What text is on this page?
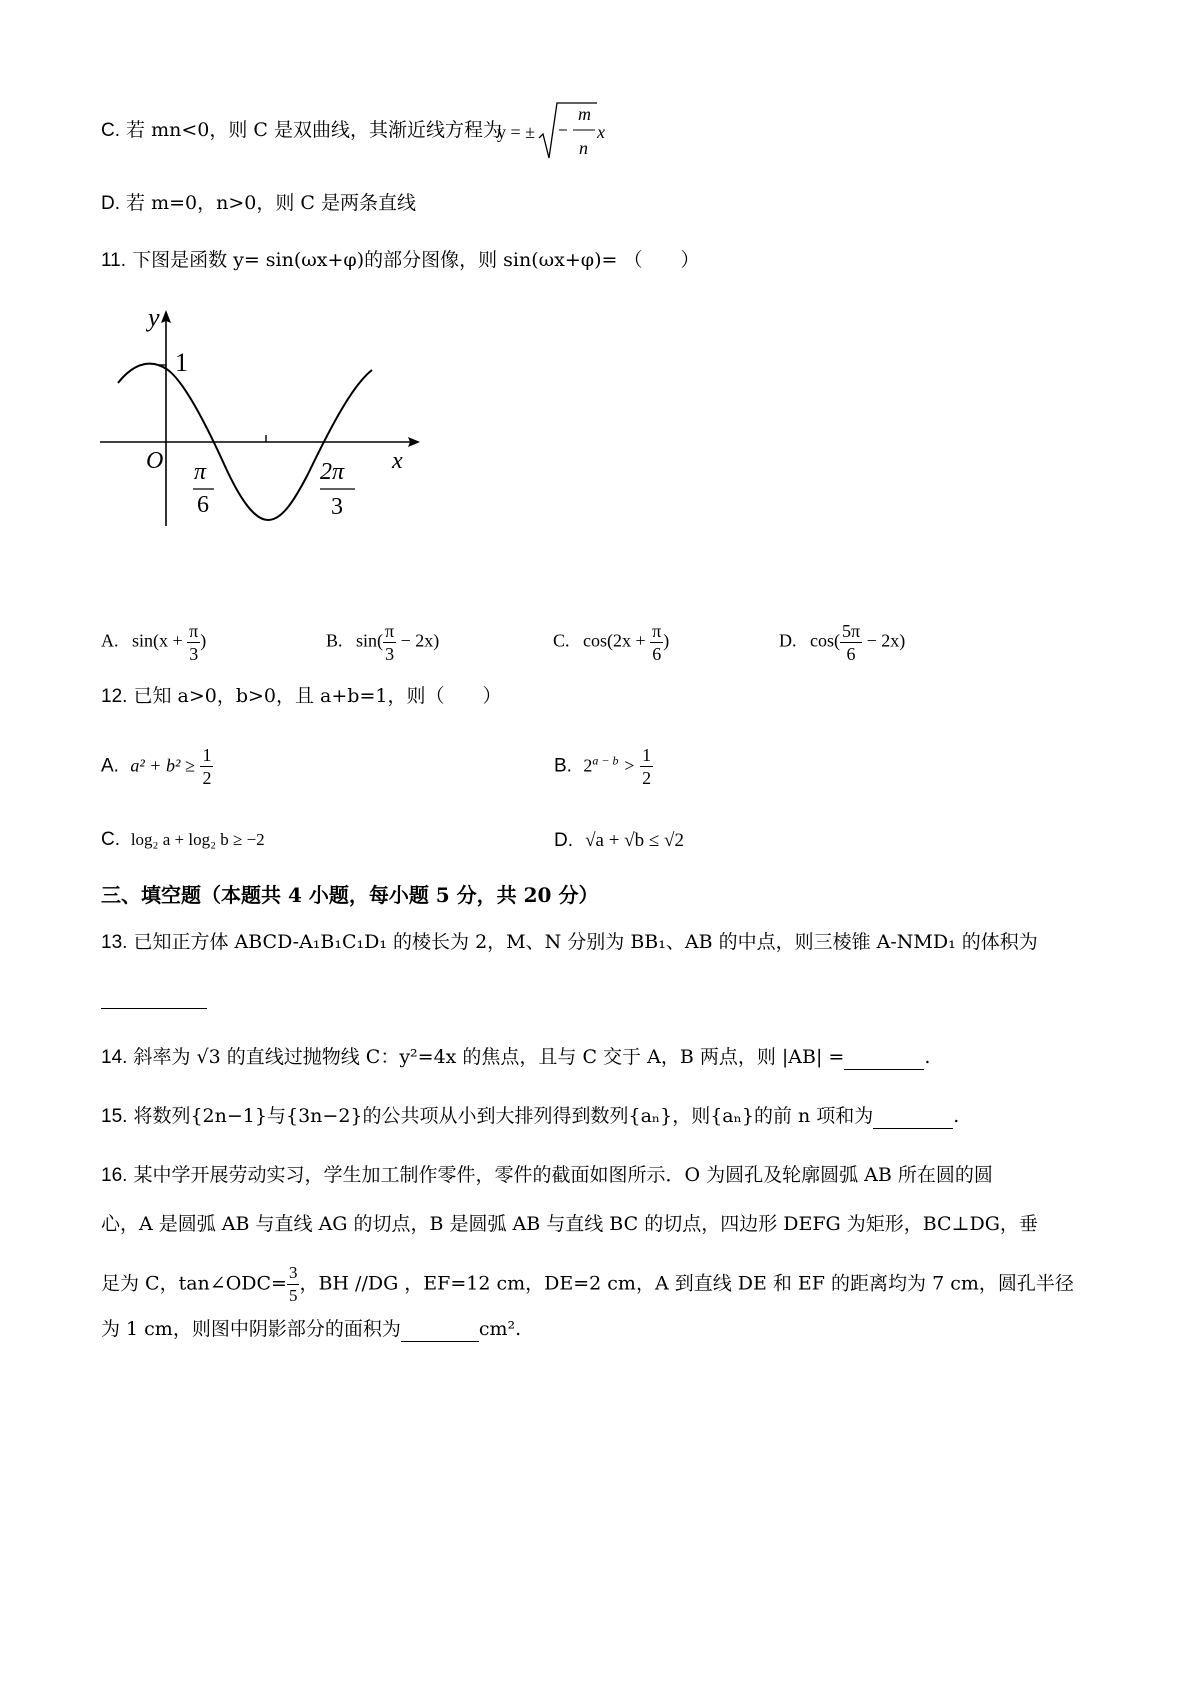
C. 若 mn<0，则 C 是双曲线，其渐近线方程为
y = ±
m
n
x
D. 若 m=0，n>0，则 C 是两条直线
11. 下图是函数 y= sin(ωx+φ)的部分图像，则 sin(ωx+φ)= （　　）
y
x
O
1
π
6
2π
3
A. $\sin(x + \frac{\pi}{3}$ )	B. $\sin( \frac{\pi}{3} - 2x)$	C. $\cos(2x + \frac{\pi}{6}$ )	D. $\cos( \frac{5\pi}{6} - 2x)$
12. 已知 a>0，b>0，且 a+b=1，则（　　）
A. $a^2 + b^2 \ge \frac{1}{2}$	B. $2^{a - b} > \frac{1}{2}$
C. log₂ a + log₂ b ≥ −2	D. √a + √b ≤ √2
三、填空题（本题共 4 小题，每小题 5 分，共 20 分）
13. 已知正方体 ABCD-A₁B₁C₁D₁ 的棱长为 2，M、N 分别为 BB₁、AB 的中点，则三棱锥 A-NMD₁ 的体积为
14. 斜率为 √3 的直线过抛物线 C：y²=4x 的焦点，且与 C 交于 A，B 两点，则 |AB| =	.
15. 将数列{2n−1}与{3n−2}的公共项从小到大排列得到数列{aₙ}，则{aₙ}的前 n 项和为	.
16. 某中学开展劳动实习，学生加工制作零件，零件的截面如图所示．O 为圆孔及轮廓圆弧 AB 所在圆的圆
心，A 是圆弧 AB 与直线 AG 的切点，B 是圆弧 AB 与直线 BC 的切点，四边形 DEFG 为矩形，BC⊥DG，垂
足为 C，tan∠ODC= $\frac{3}{5}$ ，BH //DG ，EF=12 cm，DE=2 cm，A 到直线 DE 和 EF 的距离均为 7 cm，圆孔半径
为 1 cm，则图中阴影部分的面积为	cm².
